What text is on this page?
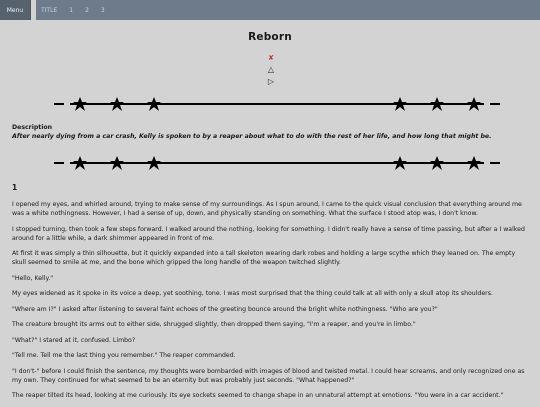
Menu	TITLE 1 2 3
Reborn
✘
△
▷
Description
After nearly dying from a car crash, Kelly is spoken to by a reaper about what to do with the rest of her life, and how long that might be.
1

I opened my eyes, and whirled around, trying to make sense of my surroundings. As I spun around, I came to the quick visual conclusion that everything around me was a white nothingness. However, I had a sense of up, down, and physically standing on something. What the surface I stood atop was, I don't know.

I stopped turning, then took a few steps forward. I walked around the nothing, looking for something. I didn't really have a sense of time passing, but after a I walked around for a little while, a dark shimmer appeared in front of me.

At first it was simply a thin silhouette, but it quickly expanded into a tall skeleton wearing dark robes and holding a large scythe which they leaned on. The empty skull seemed to smile at me, and the bone which gripped the long handle of the weapon twitched slightly.

"Hello, Kelly."

My eyes widened as it spoke in its voice a deep, yet soothing, tone. I was most surprised that the thing could talk at all with only a skull atop its shoulders.

"Where am I?" I asked after listening to several faint echoes of the greeting bounce around the bright white nothingness. "Who are you?"

The creature brought its arms out to either side, shrugged slightly, then dropped them saying, "I'm a reaper, and you're in limbo."

"What?" I stared at it, confused. Limbo?

"Tell me. Tell me the last thing you remember." The reaper commanded.

"I don't-" before I could finish the sentence, my thoughts were bombarded with images of blood and twisted metal. I could hear screams, and only recognized one as my own. They continued for what seemed to be an eternity but was probably just seconds. "What happened?"

The reaper tilted its head, looking at me curiously. Its eye sockets seemed to change shape in an unnatural attempt at emotions. "You were in a car accident."
